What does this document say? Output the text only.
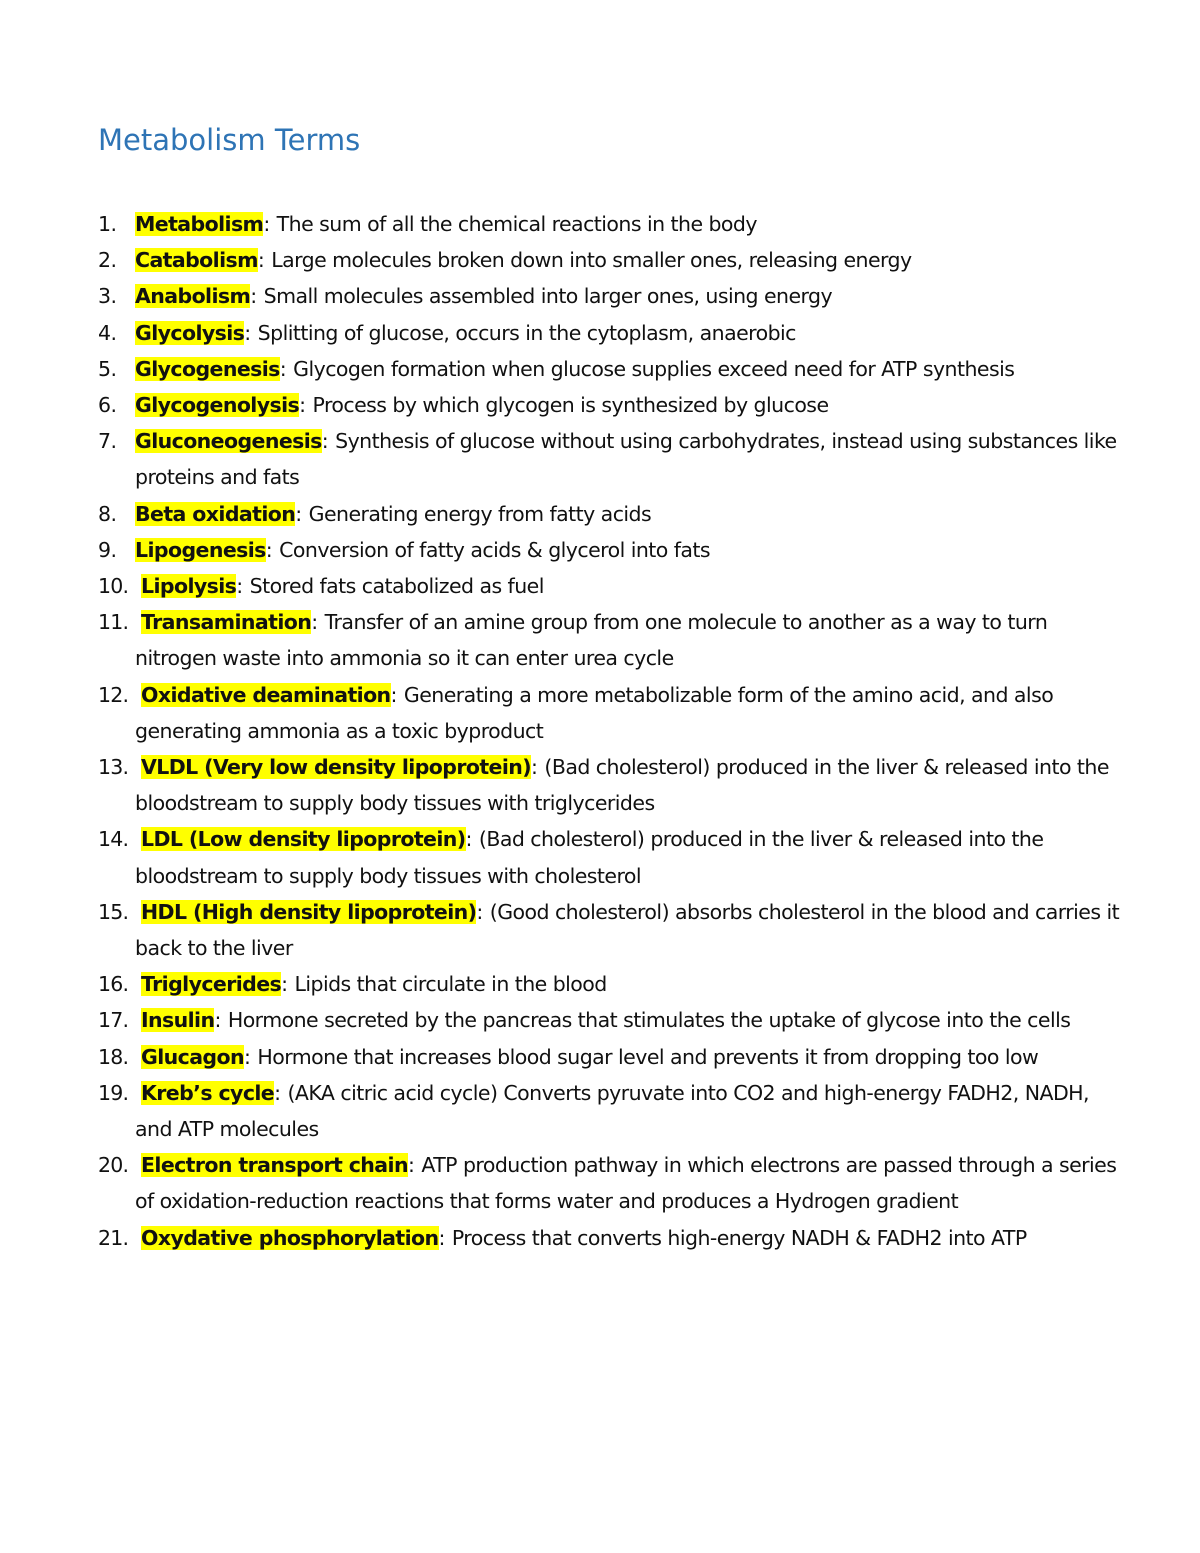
Metabolism Terms
1. Metabolism: The sum of all the chemical reactions in the body
2. Catabolism: Large molecules broken down into smaller ones, releasing energy
3. Anabolism: Small molecules assembled into larger ones, using energy
4. Glycolysis: Splitting of glucose, occurs in the cytoplasm, anaerobic
5. Glycogenesis: Glycogen formation when glucose supplies exceed need for ATP synthesis
6. Glycogenolysis: Process by which glycogen is synthesized by glucose
7. Gluconeogenesis: Synthesis of glucose without using carbohydrates, instead using substances like proteins and fats
8. Beta oxidation: Generating energy from fatty acids
9. Lipogenesis: Conversion of fatty acids & glycerol into fats
10. Lipolysis: Stored fats catabolized as fuel
11. Transamination: Transfer of an amine group from one molecule to another as a way to turn nitrogen waste into ammonia so it can enter urea cycle
12. Oxidative deamination: Generating a more metabolizable form of the amino acid, and also generating ammonia as a toxic byproduct
13. VLDL (Very low density lipoprotein): (Bad cholesterol) produced in the liver & released into the bloodstream to supply body tissues with triglycerides
14. LDL (Low density lipoprotein): (Bad cholesterol) produced in the liver & released into the bloodstream to supply body tissues with cholesterol
15. HDL (High density lipoprotein): (Good cholesterol) absorbs cholesterol in the blood and carries it back to the liver
16. Triglycerides: Lipids that circulate in the blood
17. Insulin: Hormone secreted by the pancreas that stimulates the uptake of glycose into the cells
18. Glucagon: Hormone that increases blood sugar level and prevents it from dropping too low
19. Kreb’s cycle: (AKA citric acid cycle) Converts pyruvate into CO2 and high-energy FADH2, NADH, and ATP molecules
20. Electron transport chain: ATP production pathway in which electrons are passed through a series of oxidation-reduction reactions that forms water and produces a Hydrogen gradient
21. Oxydative phosphorylation: Process that converts high-energy NADH & FADH2 into ATP
